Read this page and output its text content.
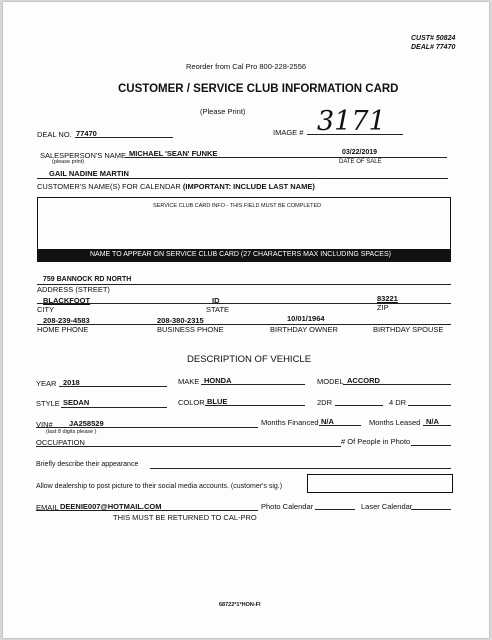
CUST# 50824
DEAL# 77470
Reorder from Cal Pro 800-228-2556
CUSTOMER / SERVICE CLUB INFORMATION CARD
(Please Print)
DEAL NO. 77470	IMAGE # 3171
SALESPERSON'S NAME
(please print)
MICHAEL 'SEAN' FUNKE	03/22/2019
DATE OF SALE
GAIL NADINE MARTIN
CUSTOMER'S NAME(S) FOR CALENDAR (IMPORTANT: INCLUDE LAST NAME)
SERVICE CLUB CARD INFO - THIS FIELD MUST BE COMPLETED
NAME TO APPEAR ON SERVICE CLUB CARD (27 CHARACTERS MAX INCLUDING SPACES)
759 BANNOCK RD NORTH
ADDRESS (STREET)
BLACKFOOT	ID	83221
CITY	STATE	ZIP
208-239-4583	208-380-2315	10/01/1964
HOME PHONE	BUSINESS PHONE	BIRTHDAY OWNER	BIRTHDAY SPOUSE
DESCRIPTION OF VEHICLE
YEAR 2018	MAKE HONDA	MODEL ACCORD
STYLE SEDAN	COLOR BLUE	2DR	4 DR
VIN# JA258529
(last 8 digits please )
Months Financed N/A	Months Leased N/A
OCCUPATION	# Of People in Photo
Briefly describe their appearance
Allow dealership to post picture to their social media accounts. (customer's sig.)
EMAIL DEENIE007@HOTMAIL.COM	Photo Calendar	Laser Calendar
THIS MUST BE RETURNED TO CAL-PRO
68722*1*HON-FI
